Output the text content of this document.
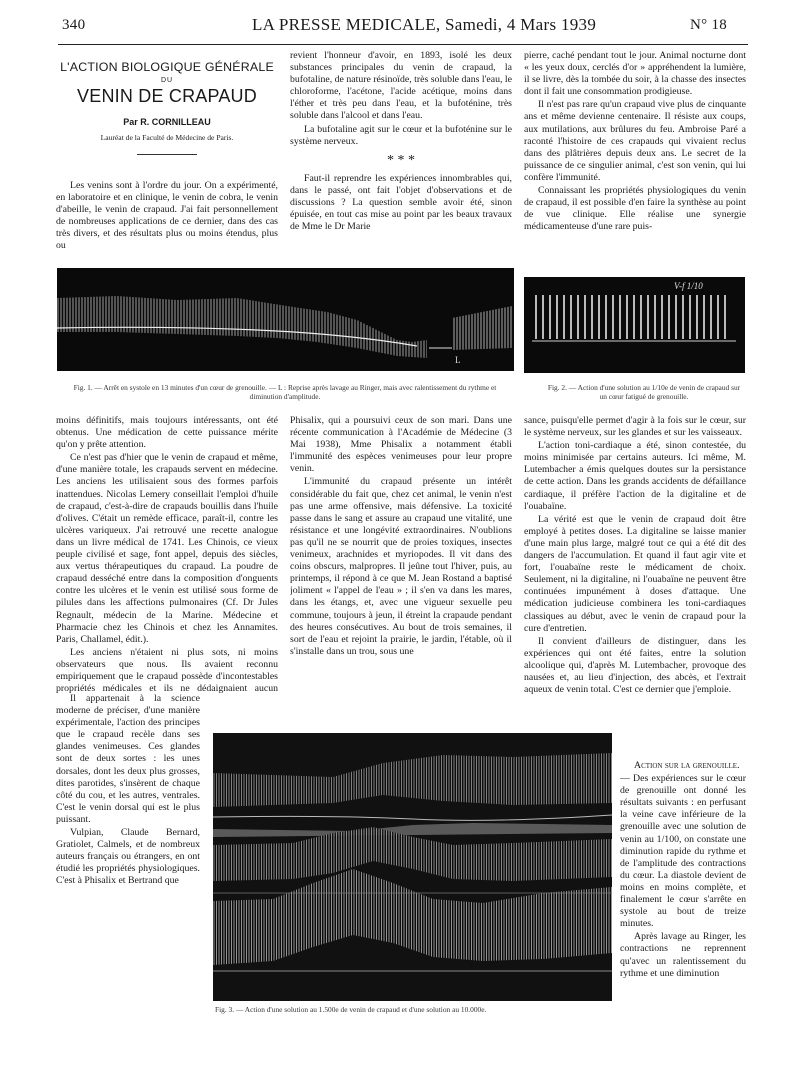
340	LA PRESSE MEDICALE, Samedi, 4 Mars 1939	N° 18
L'ACTION BIOLOGIQUE GÉNÉRALE
DU
VENIN DE CRAPAUD
Par R. CORNILLEAU
Lauréat de la Faculté de Médecine de Paris.

Les venins sont à l'ordre du jour. On a expérimenté, en laboratoire et en clinique, le venin de cobra, le venin d'abeille, le venin de crapaud. J'ai fait personnellement de nombreuses applications de ce dernier, dans des cas très divers, et des résultats plus ou moins étendus, plus ou

revient l'honneur d'avoir, en 1893, isolé les deux substances principales du venin de crapaud, la bufotaline, de nature résinoïde, très soluble dans l'eau, le chloroforme, l'acétone, l'acide acétique, moins dans l'éther et très peu dans l'eau, et la bufoténine, très soluble dans l'alcool et dans l'eau.

La bufotaline agit sur le cœur et la bufoténine sur le système nerveux.

* * *

Faut-il reprendre les expériences innombrables qui, dans le passé, ont fait l'objet d'observations et de discussions ? La question semble avoir été, sinon épuisée, en tout cas mise au point par les beaux travaux de Mme le Dr Marie

pierre, caché pendant tout le jour. Animal nocturne dont « les yeux doux, cerclés d'or » appréhendent la lumière, il se livre, dès la tombée du soir, à la chasse des insectes dont il fait une consommation prodigieuse.

Il n'est pas rare qu'un crapaud vive plus de cinquante ans et même devienne centenaire. Il résiste aux coups, aux mutilations, aux brûlures du feu. Ambroise Paré a raconté l'histoire de ces crapauds qui vivaient reclus dans des plâtrières depuis deux ans. Le secret de la puissance de ce singulier animal, c'est son venin, qui lui confère l'immunité.

Connaissant les propriétés physiologiques du venin de crapaud, il est possible d'en faire la synthèse au point de vue clinique. Elle réalise une synergie médicamenteuse d'une rare puis-

L
Fig. 1. — Arrêt en systole en 13 minutes d'un cœur de grenouille. — L : Reprise après lavage au Ringer, mais avec ralentissement du rythme et diminution d'amplitude.
V-f 1/10
Fig. 2. — Action d'une solution au 1/10e de venin de crapaud sur un cœur fatigué de grenouille.

moins définitifs, mais toujours intéressants, ont été obtenus. Une médication de cette puissance mérite qu'on y prête attention.

Ce n'est pas d'hier que le venin de crapaud et même, d'une manière totale, les crapauds servent en médecine. Les anciens les utilisaient sous des formes parfois inattendues. Nicolas Lemery conseillait l'emploi d'huile de crapaud, c'est-à-dire de crapauds bouillis dans l'huile d'olives. C'était un remède efficace, paraît-il, contre les ulcères variqueux. J'ai retrouvé une recette analogue dans un livre médical de 1741. Les Chinois, ce vieux peuple civilisé et sage, font appel, depuis des siècles, aux vertus thérapeutiques du crapaud. La poudre de crapaud desséché entre dans la composition d'onguents contre les ulcères et le venin est utilisé sous forme de pilules dans les affections pulmonaires (Cf. Dr Jules Regnault, médecin de la Marine. Médecine et Pharmacie chez les Chinois et chez les Annamites. Paris, Challamel, édit.).

Les anciens n'étaient ni plus sots, ni moins observateurs que nous. Ils avaient reconnu empiriquement que le crapaud possède d'incontestables propriétés médicales et ils ne dédaignaient aucun

Il appartenait à la science moderne de préciser, d'une manière expérimentale, l'action des principes que le crapaud recèle dans ses glandes venimeuses. Ces glandes sont de deux sortes : les unes dorsales, dont les deux plus grosses, dites parotides, s'insèrent de chaque côté du cou, et les autres, ventrales. C'est le venin dorsal qui est le plus puissant.

Vulpian, Claude Bernard, Gratiolet, Calmels, et de nombreux auteurs français ou étrangers, en ont étudié les propriétés physiologiques. C'est à Phisalix et Bertrand que

Phisalix, qui a poursuivi ceux de son mari. Dans une récente communication à l'Académie de Médecine (3 Mai 1938), Mme Phisalix a notamment établi l'immunité des espèces venimeuses pour leur propre venin.

L'immunité du crapaud présente un intérêt considérable du fait que, chez cet animal, le venin n'est pas une arme offensive, mais défensive. La toxicité passe dans le sang et assure au crapaud une vitalité, une résistance et une longévité extraordinaires. N'oublions pas qu'il ne se nourrit que de proies toxiques, insectes venimeux, arachnides et myriopodes. Il vit dans des coins obscurs, malpropres. Il jeûne tout l'hiver, puis, au printemps, il répond à ce que M. Jean Rostand a baptisé joliment « l'appel de l'eau » ; il s'en va dans les mares, dans les étangs, et, avec une vigueur sexuelle peu commune, toujours à jeun, il étreint la crapaude pendant des heures consécutives. Au bout de trois semaines, il sort de l'eau et rejoint la prairie, le jardin, l'étable, où il s'installe dans un trou, sous une

sance, puisqu'elle permet d'agir à la fois sur le cœur, sur le système nerveux, sur les glandes et sur les vaisseaux.

L'action toni-cardiaque a été, sinon contestée, du moins minimisée par certains auteurs. Ici même, M. Lutembacher a émis quelques doutes sur la persistance de cette action. Dans les grands accidents de défaillance cardiaque, il préfère l'action de la digitaline et de l'ouabaïne.

La vérité est que le venin de crapaud doit être employé à petites doses. La digitaline se laisse manier d'une main plus large, malgré tout ce qui a été dit des dangers de l'accumulation. Et quand il faut agir vite et fort, l'ouabaïne reste le médicament de choix. Seulement, ni la digitaline, ni l'ouabaïne ne peuvent être continuées impunément à doses d'attaque. Une médication judicieuse combinera les toni-cardiaques classiques au début, avec le venin de crapaud pour la cure d'entretien.

Il convient d'ailleurs de distinguer, dans les expériences qui ont été faites, entre la solution alcoolique qui, d'après M. Lutembacher, provoque des nausées et, au lieu d'injection, des abcès, et l'extrait aqueux de venin total. C'est ce dernier que j'emploie.

Action sur la grenouille.

— Des expériences sur le cœur de grenouille ont donné les résultats suivants : en perfusant la veine cave inférieure de la grenouille avec une solution de venin au 1/100, on constate une diminution rapide du rythme et de l'amplitude des contractions du cœur. La diastole devient de moins en moins complète, et finalement le cœur s'arrête en systole au bout de treize minutes.

Après lavage au Ringer, les contractions ne reprennent qu'avec un ralentissement du rythme et une diminution

Fig. 3. — Action d'une solution au 1.500e de venin de crapaud et d'une solution au 10.000e.
